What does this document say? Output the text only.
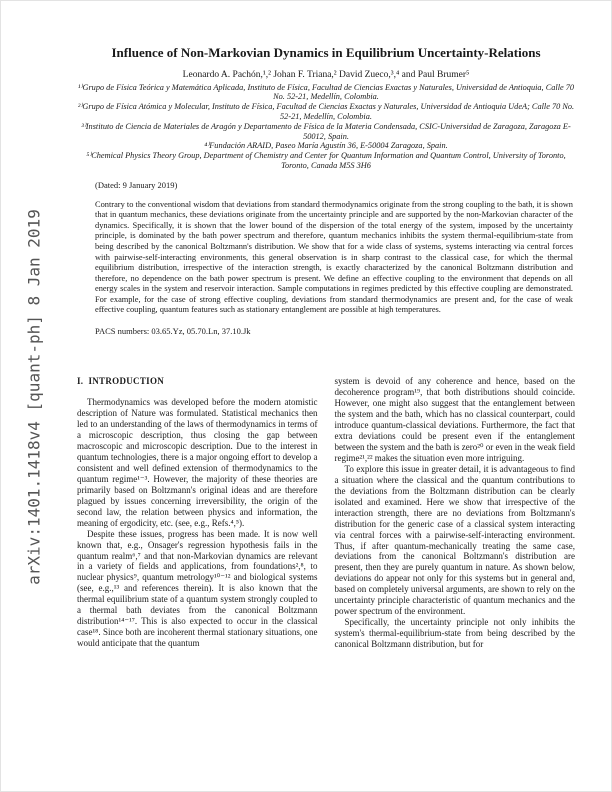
arXiv:1401.1418v4 [quant-ph] 8 Jan 2019
Influence of Non-Markovian Dynamics in Equilibrium Uncertainty-Relations
Leonardo A. Pachón,¹,² Johan F. Triana,² David Zueco,³,⁴ and Paul Brumer⁵

¹⁾Grupo de Física Teórica y Matemática Aplicada, Instituto de Física, Facultad de Ciencias Exactas y Naturales, Universidad de Antioquia, Calle 70 No. 52-21, Medellín, Colombia.

²⁾Grupo de Física Atómica y Molecular, Instituto de Física, Facultad de Ciencias Exactas y Naturales, Universidad de Antioquia UdeA; Calle 70 No. 52-21, Medellín, Colombia.

³⁾Instituto de Ciencia de Materiales de Aragón y Departamento de Física de la Materia Condensada, CSIC-Universidad de Zaragoza, Zaragoza E-50012, Spain.

⁴⁾Fundación ARAID, Paseo María Agustín 36, E-50004 Zaragoza, Spain.

⁵⁾Chemical Physics Theory Group, Department of Chemistry and Center for Quantum Information and Quantum Control, University of Toronto, Toronto, Canada M5S 3H6

(Dated: 9 January 2019)

Contrary to the conventional wisdom that deviations from standard thermodynamics originate from the strong coupling to the bath, it is shown that in quantum mechanics, these deviations originate from the uncertainty principle and are supported by the non-Markovian character of the dynamics. Specifically, it is shown that the lower bound of the dispersion of the total energy of the system, imposed by the uncertainty principle, is dominated by the bath power spectrum and therefore, quantum mechanics inhibits the system thermal-equilibrium-state from being described by the canonical Boltzmann's distribution. We show that for a wide class of systems, systems interacting via central forces with pairwise-self-interacting environments, this general observation is in sharp contrast to the classical case, for which the thermal equilibrium distribution, irrespective of the interaction strength, is exactly characterized by the canonical Boltzmann distribution and therefore, no dependence on the bath power spectrum is present. We define an effective coupling to the environment that depends on all energy scales in the system and reservoir interaction. Sample computations in regimes predicted by this effective coupling are demonstrated. For example, for the case of strong effective coupling, deviations from standard thermodynamics are present and, for the case of weak effective coupling, quantum features such as stationary entanglement are possible at high temperatures.

PACS numbers: 03.65.Yz, 05.70.Ln, 37.10.Jk

I.  INTRODUCTION

Thermodynamics was developed before the modern atomistic description of Nature was formulated. Statistical mechanics then led to an understanding of the laws of thermodynamics in terms of a microscopic description, thus closing the gap between macroscopic and microscopic description. Due to the interest in quantum technologies, there is a major ongoing effort to develop a consistent and well defined extension of thermodynamics to the quantum regime¹⁻³. However, the majority of these theories are primarily based on Boltzmann's original ideas and are therefore plagued by issues concerning irreversibility, the origin of the second law, the relation between physics and information, the meaning of ergodicity, etc. (see, e.g., Refs.⁴,⁵).

Despite these issues, progress has been made. It is now well known that, e.g., Onsager's regression hypothesis fails in the quantum realm⁶,⁷ and that non-Markovian dynamics are relevant in a variety of fields and applications, from foundations²,⁸, to nuclear physics⁹, quantum metrology¹⁰⁻¹² and biological systems (see, e.g.,¹³ and references therein). It is also known that the thermal equilibrium state of a quantum system strongly coupled to a thermal bath deviates from the canonical Boltzmann distribution¹⁴⁻¹⁷. This is also expected to occur in the classical case¹⁸. Since both are incoherent thermal stationary situations, one would anticipate that the quantum

system is devoid of any coherence and hence, based on the decoherence program¹⁹, that both distributions should coincide. However, one might also suggest that the entanglement between the system and the bath, which has no classical counterpart, could introduce quantum-classical deviations. Furthermore, the fact that extra deviations could be present even if the entanglement between the system and the bath is zero²⁰ or even in the weak field regime²¹,²² makes the situation even more intriguing.

To explore this issue in greater detail, it is advantageous to find a situation where the classical and the quantum contributions to the deviations from the Boltzmann distribution can be clearly isolated and examined. Here we show that irrespective of the interaction strength, there are no deviations from Boltzmann's distribution for the generic case of a classical system interacting via central forces with a pairwise-self-interacting environment. Thus, if after quantum-mechanically treating the same case, deviations from the canonical Boltzmann's distribution are present, then they are purely quantum in nature. As shown below, deviations do appear not only for this systems but in general and, based on completely universal arguments, are shown to rely on the uncertainty principle characteristic of quantum mechanics and the power spectrum of the environment.

Specifically, the uncertainty principle not only inhibits the system's thermal-equilibrium-state from being described by the canonical Boltzmann distribution, but for
